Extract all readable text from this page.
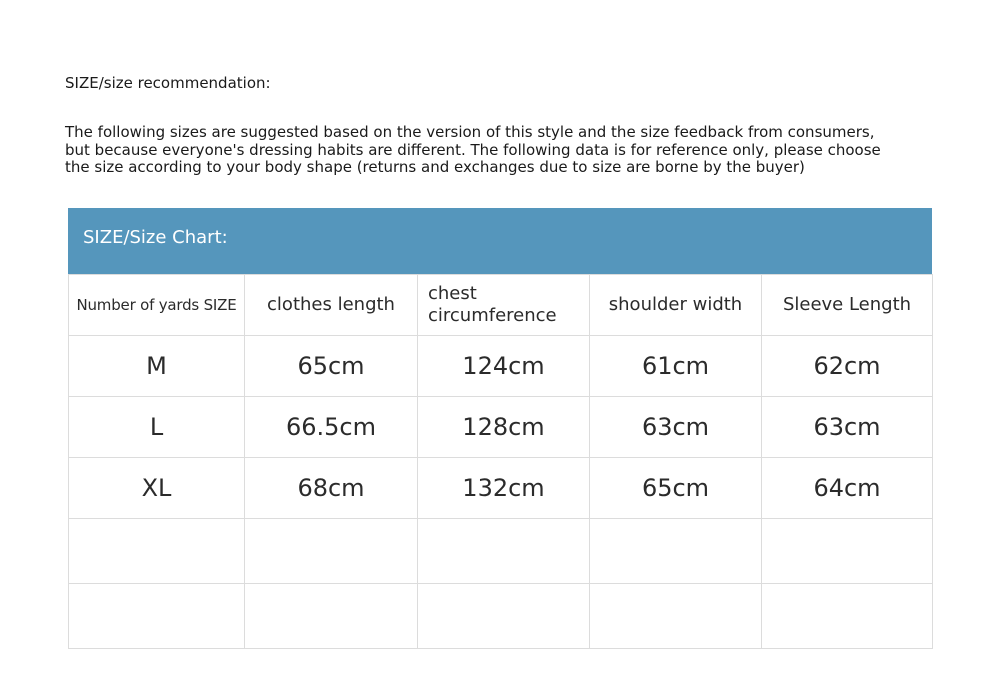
SIZE/size recommendation:
The following sizes are suggested based on the version of this style and the size feedback from consumers,
but because everyone's dressing habits are different. The following data is for reference only, please choose
the size according to your body shape (returns and exchanges due to size are borne by the buyer)
SIZE/Size Chart:
Number of yards SIZE	clothes length	chest circumference	shoulder width	Sleeve Length
M	65cm	124cm	61cm	62cm
L	66.5cm	128cm	63cm	63cm
XL	68cm	132cm	65cm	64cm
